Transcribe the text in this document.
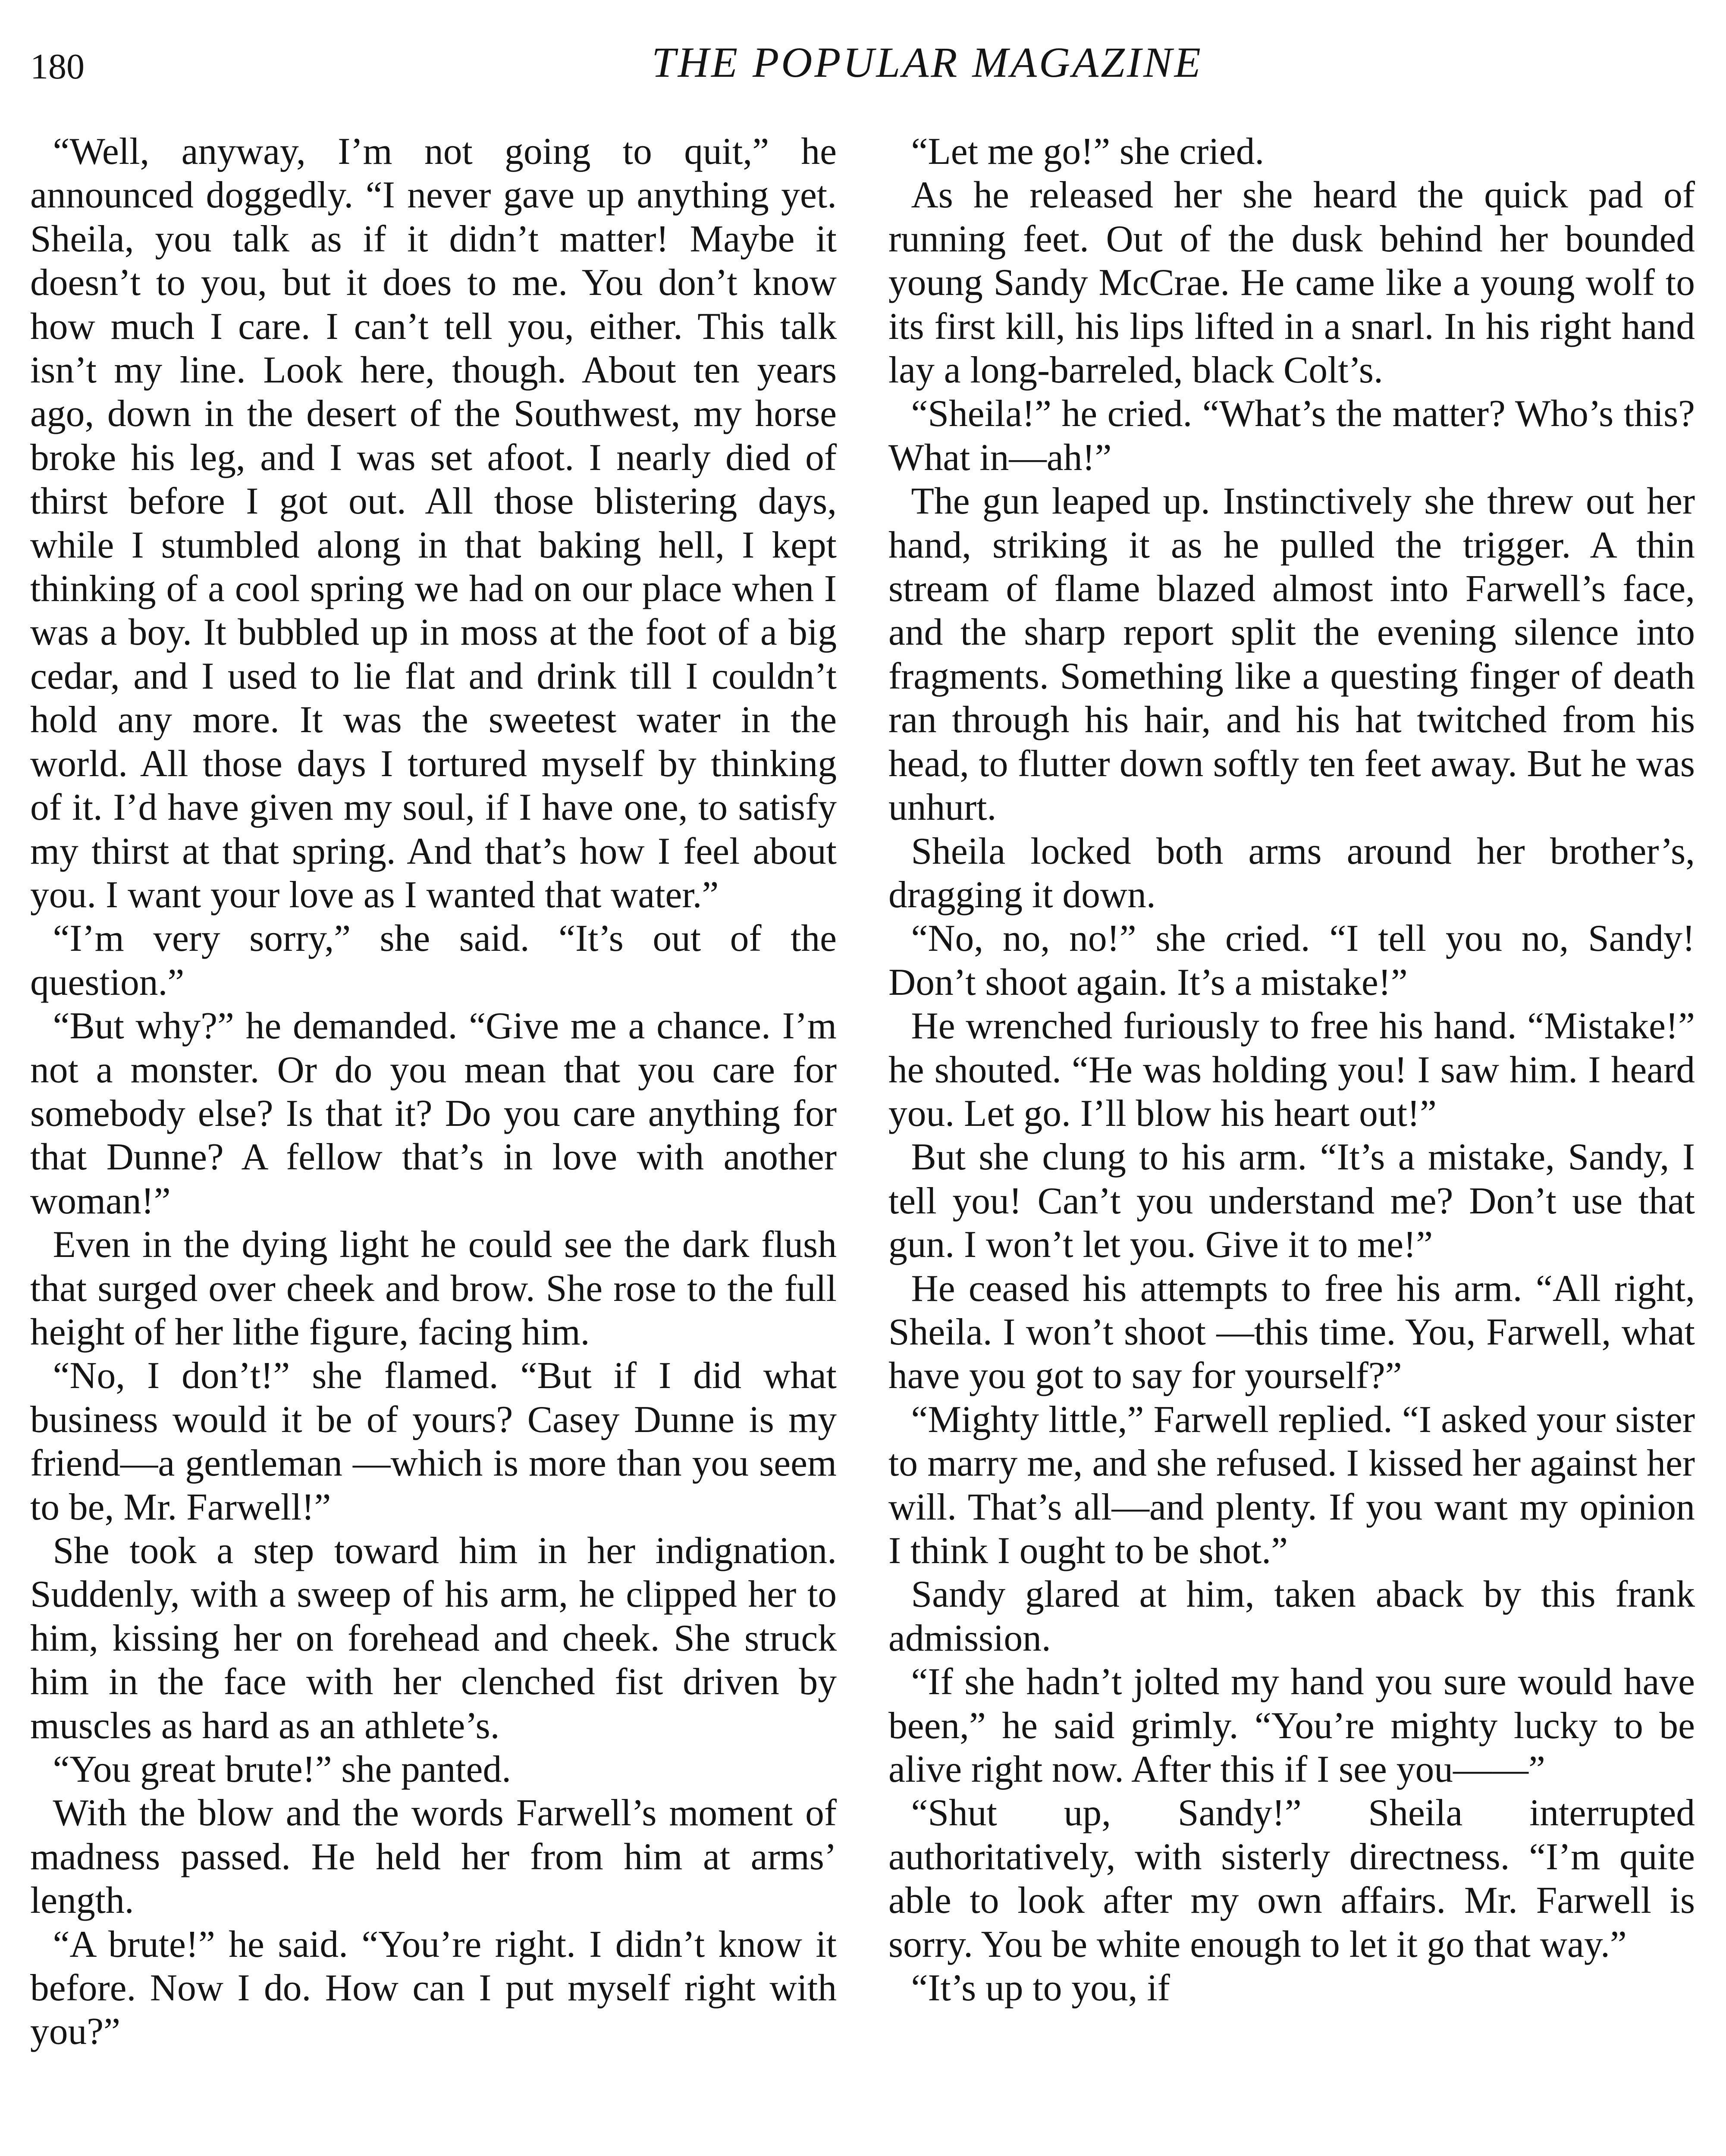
180	THE POPULAR MAGAZINE

“Well, anyway, I’m not going to quit,” he announced doggedly. “I never gave up anything yet. Sheila, you talk as if it didn’t matter! Maybe it doesn’t to you, but it does to me. You don’t know how much I care. I can’t tell you, either. This talk isn’t my line. Look here, though. About ten years ago, down in the desert of the Southwest, my horse broke his leg, and I was set afoot. I nearly died of thirst before I got out. All those blistering days, while I stumbled along in that baking hell, I kept thinking of a cool spring we had on our place when I was a boy. It bubbled up in moss at the foot of a big cedar, and I used to lie flat and drink till I couldn’t hold any more. It was the sweetest water in the world. All those days I tortured myself by thinking of it. I’d have given my soul, if I have one, to satisfy my thirst at that spring. And that’s how I feel about you. I want your love as I wanted that water.”

“I’m very sorry,” she said. “It’s out of the question.”

“But why?” he demanded. “Give me a chance. I’m not a monster. Or do you mean that you care for somebody else? Is that it? Do you care anything for that Dunne? A fellow that’s in love with another woman!”

Even in the dying light he could see the dark flush that surged over cheek and brow. She rose to the full height of her lithe figure, facing him.

“No, I don’t!” she flamed. “But if I did what business would it be of yours? Casey Dunne is my friend—a gentleman —which is more than you seem to be, Mr. Farwell!”

She took a step toward him in her indignation. Suddenly, with a sweep of his arm, he clipped her to him, kissing her on forehead and cheek. She struck him in the face with her clenched fist driven by muscles as hard as an athlete’s.

“You great brute!” she panted.

With the blow and the words Farwell’s moment of madness passed. He held her from him at arms’ length.

“A brute!” he said. “You’re right. I didn’t know it before. Now I do. How can I put myself right with you?”

“Let me go!” she cried.

As he released her she heard the quick pad of running feet. Out of the dusk behind her bounded young Sandy McCrae. He came like a young wolf to its first kill, his lips lifted in a snarl. In his right hand lay a long-barreled, black Colt’s.

“Sheila!” he cried. “What’s the matter? Who’s this? What in—ah!”

The gun leaped up. Instinctively she threw out her hand, striking it as he pulled the trigger. A thin stream of flame blazed almost into Farwell’s face, and the sharp report split the evening silence into fragments. Something like a questing finger of death ran through his hair, and his hat twitched from his head, to flutter down softly ten feet away. But he was unhurt.

Sheila locked both arms around her brother’s, dragging it down.

“No, no, no!” she cried. “I tell you no, Sandy! Don’t shoot again. It’s a mistake!”

He wrenched furiously to free his hand. “Mistake!” he shouted. “He was holding you! I saw him. I heard you. Let go. I’ll blow his heart out!”

But she clung to his arm. “It’s a mistake, Sandy, I tell you! Can’t you understand me? Don’t use that gun. I won’t let you. Give it to me!”

He ceased his attempts to free his arm. “All right, Sheila. I won’t shoot —this time. You, Farwell, what have you got to say for yourself?”

“Mighty little,” Farwell replied. “I asked your sister to marry me, and she refused. I kissed her against her will. That’s all—and plenty. If you want my opinion I think I ought to be shot.”

Sandy glared at him, taken aback by this frank admission.

“If she hadn’t jolted my hand you sure would have been,” he said grimly. “You’re mighty lucky to be alive right now. After this if I see you——”

“Shut up, Sandy!” Sheila interrupted authoritatively, with sisterly directness. “I’m quite able to look after my own affairs. Mr. Farwell is sorry. You be white enough to let it go that way.”

“It’s up to you, if
